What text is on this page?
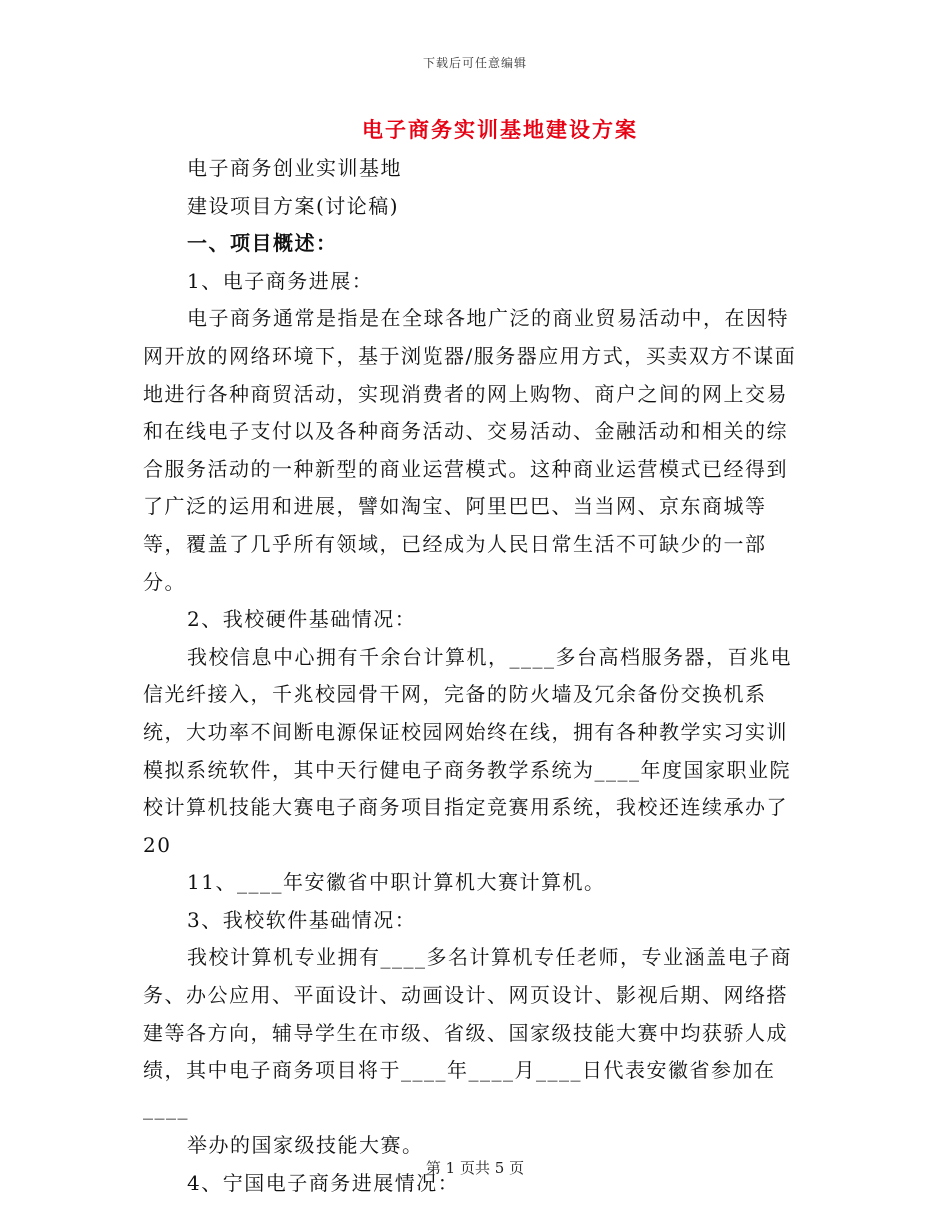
下载后可任意编辑
电子商务实训基地建设方案

电子商务创业实训基地

建设项目方案(讨论稿)

一、项目概述：

1、电子商务进展：

电子商务通常是指是在全球各地广泛的商业贸易活动中，在因特网开放的网络环境下，基于浏览器/服务器应用方式，买卖双方不谋面地进行各种商贸活动，实现消费者的网上购物、商户之间的网上交易和在线电子支付以及各种商务活动、交易活动、金融活动和相关的综合服务活动的一种新型的商业运营模式。这种商业运营模式已经得到了广泛的运用和进展，譬如淘宝、阿里巴巴、当当网、京东商城等等，覆盖了几乎所有领域，已经成为人民日常生活不可缺少的一部分。

2、我校硬件基础情况：

我校信息中心拥有千余台计算机，____多台高档服务器，百兆电信光纤接入，千兆校园骨干网，完备的防火墙及冗余备份交换机系统，大功率不间断电源保证校园网始终在线，拥有各种教学实习实训模拟系统软件，其中天行健电子商务教学系统为____年度国家职业院校计算机技能大赛电子商务项目指定竞赛用系统，我校还连续承办了20

11、____年安徽省中职计算机大赛计算机。

3、我校软件基础情况：

我校计算机专业拥有____多名计算机专任老师，专业涵盖电子商务、办公应用、平面设计、动画设计、网页设计、影视后期、网络搭建等各方向，辅导学生在市级、省级、国家级技能大赛中均获骄人成绩，其中电子商务项目将于____年____月____日代表安徽省参加在____

举办的国家级技能大赛。

4、宁国电子商务进展情况：

第 1 页共 5 页
